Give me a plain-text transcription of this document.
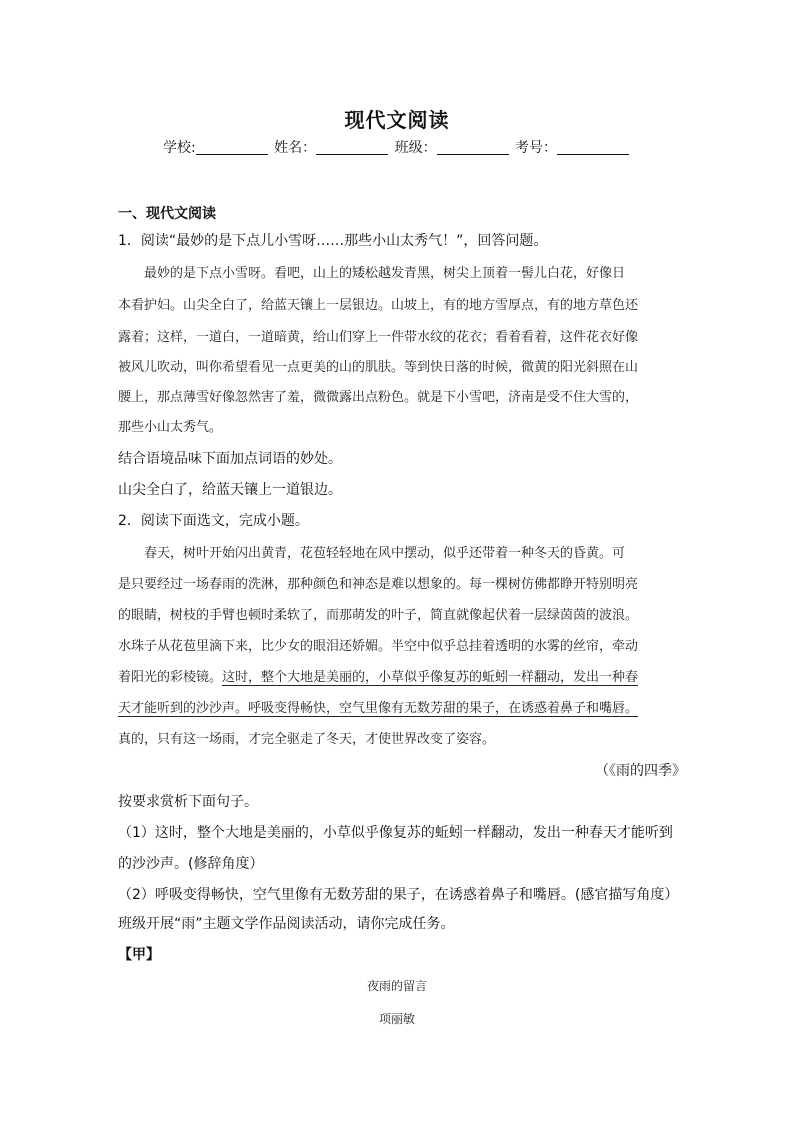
现代文阅读
学校:	姓名：	班级：	考号：
一、现代文阅读
1．阅读“最妙的是下点儿小雪呀……那些小山太秀气！”，回答问题。
　　最妙的是下点小雪呀。看吧，山上的矮松越发青黑，树尖上顶着一髻儿白花，好像日
本看护妇。山尖全白了，给蓝天镶上一层银边。山坡上，有的地方雪厚点，有的地方草色还
露着；这样，一道白，一道暗黄，给山们穿上一件带水纹的花衣；看着看着，这件花衣好像
被风儿吹动，叫你希望看见一点更美的山的肌肤。等到快日落的时候，微黄的阳光斜照在山
腰上，那点薄雪好像忽然害了羞，微微露出点粉色。就是下小雪吧，济南是受不住大雪的，
那些小山太秀气。
结合语境品味下面加点词语的妙处。
山尖全白了，给蓝天镶上一道银边。
2．阅读下面选文，完成小题。
　　春天，树叶开始闪出黄青，花苞轻轻地在风中摆动，似乎还带着一种冬天的昏黄。可
是只要经过一场春雨的洗淋，那种颜色和神态是难以想象的。每一棵树仿佛都睁开特别明亮
的眼睛，树枝的手臂也顿时柔软了，而那萌发的叶子，简直就像起伏着一层绿茵茵的波浪。
水珠子从花苞里滴下来，比少女的眼泪还娇媚。半空中似乎总挂着透明的水雾的丝帘，牵动
着阳光的彩棱镜。这时，整个大地是美丽的，小草似乎像复苏的蚯蚓一样翻动，发出一种春
天才能听到的沙沙声。呼吸变得畅快，空气里像有无数芳甜的果子，在诱惑着鼻子和嘴唇。
真的，只有这一场雨，才完全驱走了冬天，才使世界改变了姿容。
（《雨的四季》
按要求赏析下面句子。
（1）这时，整个大地是美丽的，小草似乎像复苏的蚯蚓一样翻动，发出一种春天才能听到
的沙沙声。(修辞角度）
（2）呼吸变得畅快，空气里像有无数芳甜的果子，在诱惑着鼻子和嘴唇。(感官描写角度）
班级开展“雨”主题文学作品阅读活动，请你完成任务。
【甲】
夜雨的留言
项丽敏
